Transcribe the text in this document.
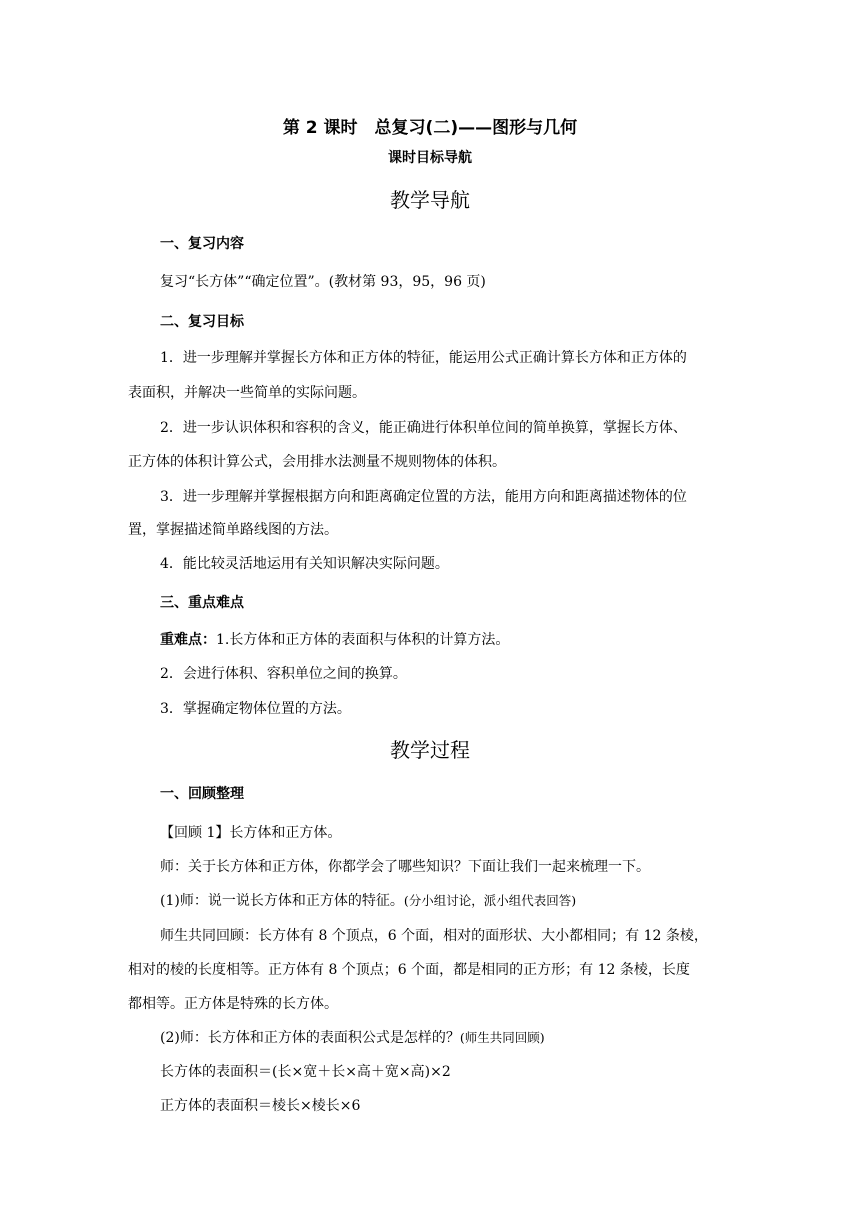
第 2 课时　总复习(二)——图形与几何
课时目标导航
教学导航
一、复习内容
复习“长方体”“确定位置”。(教材第 93，95，96 页)
二、复习目标
1．进一步理解并掌握长方体和正方体的特征，能运用公式正确计算长方体和正方体的
表面积，并解决一些简单的实际问题。
2．进一步认识体积和容积的含义，能正确进行体积单位间的简单换算，掌握长方体、
正方体的体积计算公式，会用排水法测量不规则物体的体积。
3．进一步理解并掌握根据方向和距离确定位置的方法，能用方向和距离描述物体的位
置，掌握描述简单路线图的方法。
4．能比较灵活地运用有关知识解决实际问题。
三、重点难点
重难点：1.长方体和正方体的表面积与体积的计算方法。
2．会进行体积、容积单位之间的换算。
3．掌握确定物体位置的方法。
教学过程
一、回顾整理
【回顾 1】长方体和正方体。
师：关于长方体和正方体，你都学会了哪些知识？下面让我们一起来梳理一下。
(1)师：说一说长方体和正方体的特征。(分小组讨论，派小组代表回答)
师生共同回顾：长方体有 8 个顶点，6 个面，相对的面形状、大小都相同；有 12 条棱，
相对的棱的长度相等。正方体有 8 个顶点；6 个面，都是相同的正方形；有 12 条棱，长度
都相等。正方体是特殊的长方体。
(2)师：长方体和正方体的表面积公式是怎样的？(师生共同回顾)
长方体的表面积＝(长×宽＋长×高＋宽×高)×2
正方体的表面积＝棱长×棱长×6
